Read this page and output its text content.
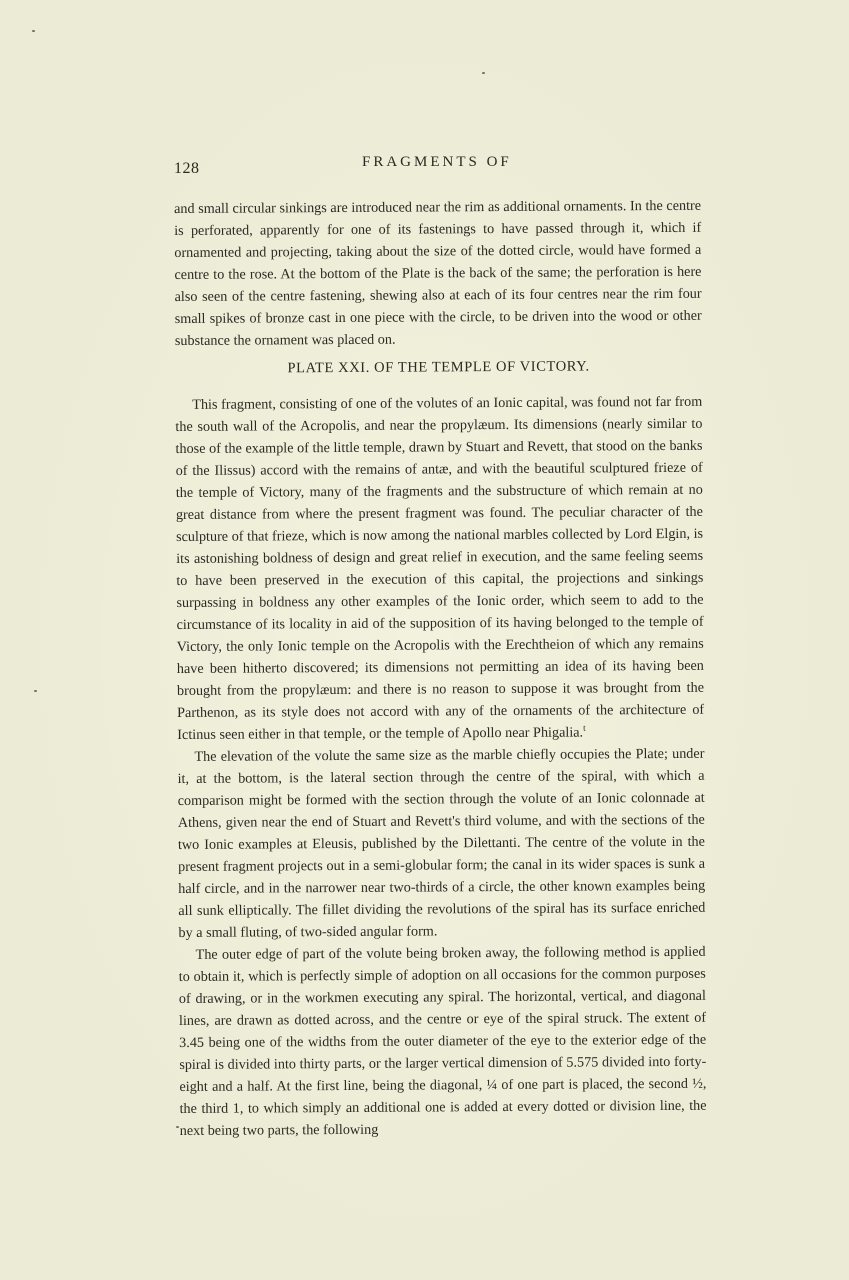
128	FRAGMENTS OF

and small circular sinkings are introduced near the rim as additional ornaments. In the centre is perforated, apparently for one of its fastenings to have passed through it, which if ornamented and projecting, taking about the size of the dotted circle, would have formed a centre to the rose. At the bottom of the Plate is the back of the same; the perforation is here also seen of the centre fastening, shewing also at each of its four centres near the rim four small spikes of bronze cast in one piece with the circle, to be driven into the wood or other substance the ornament was placed on.

PLATE XXI. OF THE TEMPLE OF VICTORY.

This fragment, consisting of one of the volutes of an Ionic capital, was found not far from the south wall of the Acropolis, and near the propylæum. Its dimensions (nearly similar to those of the example of the little temple, drawn by Stuart and Revett, that stood on the banks of the Ilissus) accord with the remains of antæ, and with the beautiful sculptured frieze of the temple of Victory, many of the fragments and the substructure of which remain at no great distance from where the present fragment was found. The peculiar character of the sculpture of that frieze, which is now among the national marbles collected by Lord Elgin, is its astonishing boldness of design and great relief in execution, and the same feeling seems to have been preserved in the execution of this capital, the projections and sinkings surpassing in boldness any other examples of the Ionic order, which seem to add to the circumstance of its locality in aid of the supposition of its having belonged to the temple of Victory, the only Ionic temple on the Acropolis with the Erechtheion of which any remains have been hitherto discovered; its dimensions not permitting an idea of its having been brought from the propylæum: and there is no reason to suppose it was brought from the Parthenon, as its style does not accord with any of the ornaments of the architecture of Ictinus seen either in that temple, or the temple of Apollo near Phigalia.$^t$

The elevation of the volute the same size as the marble chiefly occupies the Plate; under it, at the bottom, is the lateral section through the centre of the spiral, with which a comparison might be formed with the section through the volute of an Ionic colonnade at Athens, given near the end of Stuart and Revett's third volume, and with the sections of the two Ionic examples at Eleusis, published by the Dilettanti. The centre of the volute in the present fragment projects out in a semi-globular form; the canal in its wider spaces is sunk a half circle, and in the narrower near two-thirds of a circle, the other known examples being all sunk elliptically. The fillet dividing the revolutions of the spiral has its surface enriched by a small fluting, of two-sided angular form.

The outer edge of part of the volute being broken away, the following method is applied to obtain it, which is perfectly simple of adoption on all occasions for the common purposes of drawing, or in the workmen executing any spiral. The horizontal, vertical, and diagonal lines, are drawn as dotted across, and the centre or eye of the spiral struck. The extent of 3.45 being one of the widths from the outer diameter of the eye to the exterior edge of the spiral is divided into thirty parts, or the larger vertical dimension of 5.575 divided into forty-eight and a half. At the first line, being the diagonal, ¼ of one part is placed, the second ½, the third 1, to which simply an additional one is added at every dotted or division line, the next being two parts, the following
